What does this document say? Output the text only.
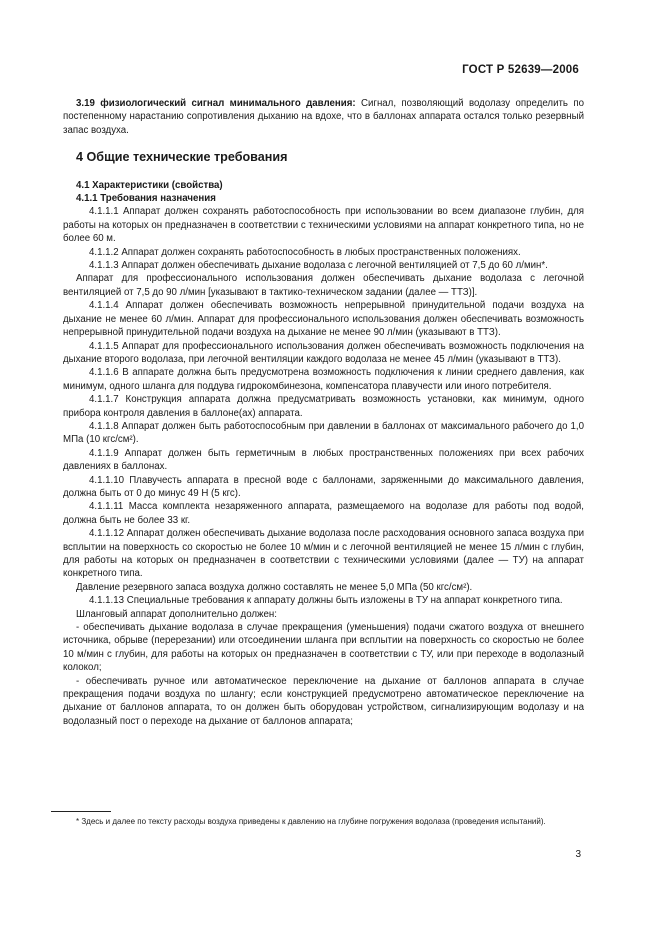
ГОСТ Р 52639—2006

3.19 физиологический сигнал минимального давления: Сигнал, позволяющий водолазу определить по постепенному нарастанию сопротивления дыханию на вдохе, что в баллонах аппарата остался только резервный запас воздуха.

4 Общие технические требования

4.1 Характеристики (свойства)

4.1.1 Требования назначения

4.1.1.1 Аппарат должен сохранять работоспособность при использовании во всем диапазоне глубин, для работы на которых он предназначен в соответствии с техническими условиями на аппарат конкретного типа, но не более 60 м.

4.1.1.2 Аппарат должен сохранять работоспособность в любых пространственных положениях.

4.1.1.3 Аппарат должен обеспечивать дыхание водолаза с легочной вентиляцией от 7,5 до 60 л/мин*.

Аппарат для профессионального использования должен обеспечивать дыхание водолаза с легочной вентиляцией от 7,5 до 90 л/мин [указывают в тактико-техническом задании (далее — ТТЗ)].

4.1.1.4 Аппарат должен обеспечивать возможность непрерывной принудительной подачи воздуха на дыхание не менее 60 л/мин. Аппарат для профессионального использования должен обеспечивать возможность непрерывной принудительной подачи воздуха на дыхание не менее 90 л/мин (указывают в ТТЗ).

4.1.1.5 Аппарат для профессионального использования должен обеспечивать возможность подключения на дыхание второго водолаза, при легочной вентиляции каждого водолаза не менее 45 л/мин (указывают в ТТЗ).

4.1.1.6 В аппарате должна быть предусмотрена возможность подключения к линии среднего давления, как минимум, одного шланга для поддува гидрокомбинезона, компенсатора плавучести или иного потребителя.

4.1.1.7 Конструкция аппарата должна предусматривать возможность установки, как минимум, одного прибора контроля давления в баллоне(ах) аппарата.

4.1.1.8 Аппарат должен быть работоспособным при давлении в баллонах от максимального рабочего до 1,0 МПа (10 кгс/см²).

4.1.1.9 Аппарат должен быть герметичным в любых пространственных положениях при всех рабочих давлениях в баллонах.

4.1.1.10 Плавучесть аппарата в пресной воде с баллонами, заряженными до максимального давления, должна быть от 0 до минус 49 Н (5 кгс).

4.1.1.11 Масса комплекта незаряженного аппарата, размещаемого на водолазе для работы под водой, должна быть не более 33 кг.

4.1.1.12 Аппарат должен обеспечивать дыхание водолаза после расходования основного запаса воздуха при всплытии на поверхность со скоростью не более 10 м/мин и с легочной вентиляцией не менее 15 л/мин с глубин, для работы на которых он предназначен в соответствии с техническими условиями (далее — ТУ) на аппарат конкретного типа.

Давление резервного запаса воздуха должно составлять не менее 5,0 МПа (50 кгс/см²).

4.1.1.13 Специальные требования к аппарату должны быть изложены в ТУ на аппарат конкретного типа.

Шланговый аппарат дополнительно должен:

- обеспечивать дыхание водолаза в случае прекращения (уменьшения) подачи сжатого воздуха от внешнего источника, обрыве (перерезании) или отсоединении шланга при всплытии на поверхность со скоростью не более 10 м/мин с глубин, для работы на которых он предназначен в соответствии с ТУ, или при переходе в водолазный колокол;

- обеспечивать ручное или автоматическое переключение на дыхание от баллонов аппарата в случае прекращения подачи воздуха по шлангу; если конструкцией предусмотрено автоматическое переключение на дыхание от баллонов аппарата, то он должен быть оборудован устройством, сигнализирующим водолазу и на водолазный пост о переходе на дыхание от баллонов аппарата;

* Здесь и далее по тексту расходы воздуха приведены к давлению на глубине погружения водолаза (проведения испытаний).
3
